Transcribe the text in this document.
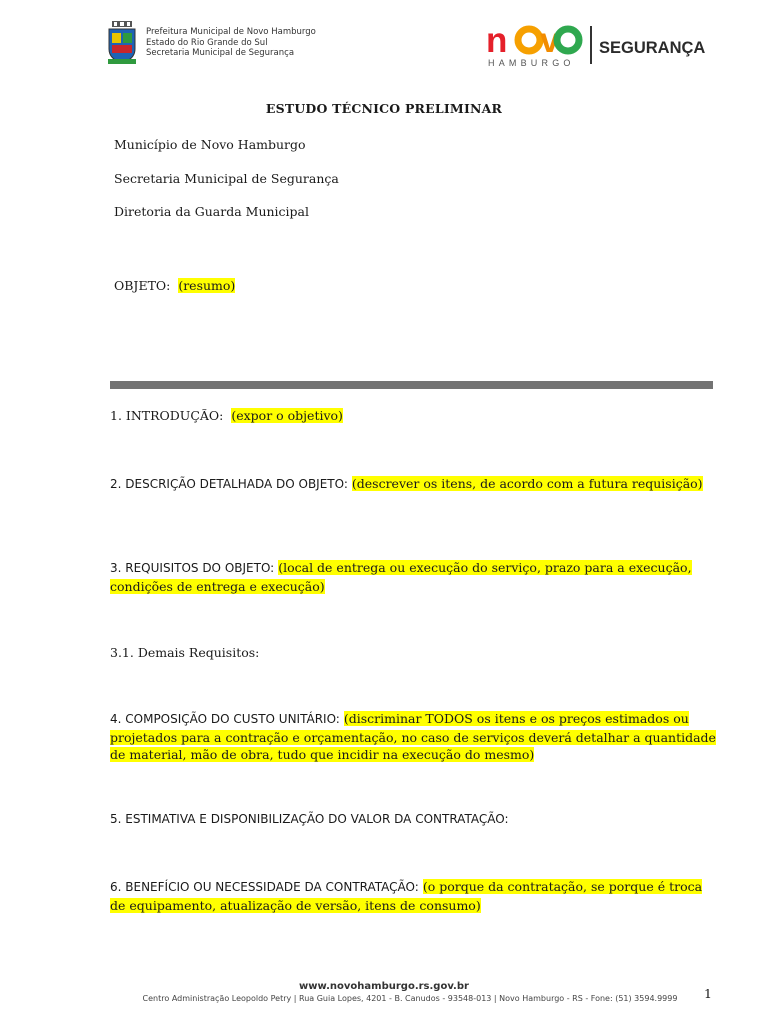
Prefeitura Municipal de Novo Hamburgo
Estado do Rio Grande do Sul
Secretaria Municipal de Segurança	n v
HAMBURGO
SEGURANÇA
ESTUDO TÉCNICO PRELIMINAR
Município de Novo Hamburgo
Secretaria Municipal de Segurança
Diretoria da Guarda Municipal
OBJETO: (resumo)
1. INTRODUÇÃO: (expor o objetivo)
2. DESCRIÇÃO DETALHADA DO OBJETO: (descrever os itens, de acordo com a futura requisição)
3. REQUISITOS DO OBJETO: (local de entrega ou execução do serviço, prazo para a execução, condições de entrega e execução)
3.1. Demais Requisitos:
4. COMPOSIÇÃO DO CUSTO UNITÁRIO: (discriminar TODOS os itens e os preços estimados ou projetados para a contração e orçamentação, no caso de serviços deverá detalhar a quantidade de material, mão de obra, tudo que incidir na execução do mesmo)
5. ESTIMATIVA E DISPONIBILIZAÇÃO DO VALOR DA CONTRATAÇÃO:
6. BENEFÍCIO OU NECESSIDADE DA CONTRATAÇÃO: (o porque da contratação, se porque é troca de equipamento, atualização de versão, itens de consumo)
www.novohamburgo.rs.gov.br
Centro Administração Leopoldo Petry | Rua Guia Lopes, 4201 - B. Canudos - 93548-013 | Novo Hamburgo - RS - Fone: (51) 3594.9999	1
